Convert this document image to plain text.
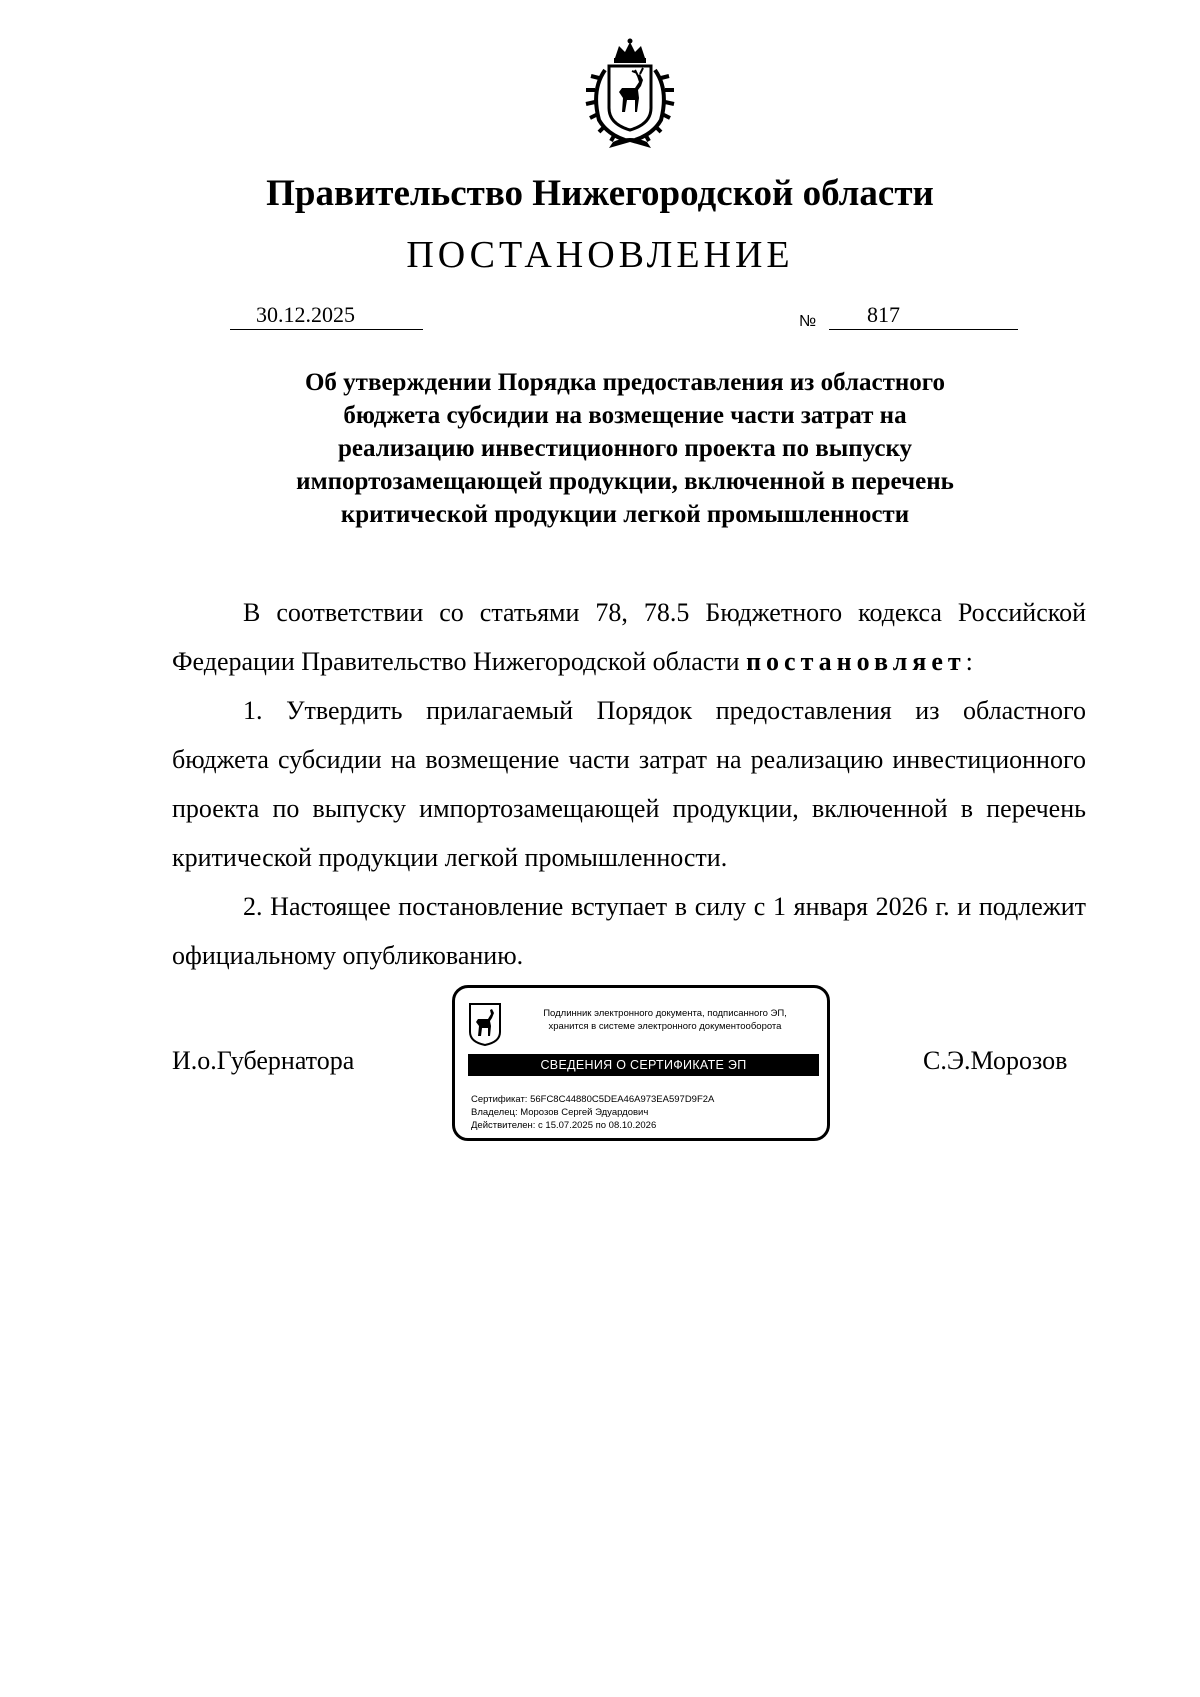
Правительство Нижегородской области
ПОСТАНОВЛЕНИЕ
30.12.2025	№	817
Об утверждении Порядка предоставления из областного
бюджета субсидии на возмещение части затрат на
реализацию инвестиционного проекта по выпуску
импортозамещающей продукции, включенной в перечень
критической продукции легкой промышленности

В соответствии со статьями 78, 78.5 Бюджетного кодекса Российской Федерации Правительство Нижегородской области постановляет:

1. Утвердить прилагаемый Порядок предоставления из областного бюджета субсидии на возмещение части затрат на реализацию инвестиционного проекта по выпуску импортозамещающей продукции, включенной в перечень критической продукции легкой промышленности.

2. Настоящее постановление вступает в силу с 1 января 2026 г. и подлежит официальному опубликованию.

И.о.Губернатора	С.Э.Морозов
Подлинник электронного документа, подписанного ЭП,
хранится в системе электронного документооборота
СВЕДЕНИЯ О СЕРТИФИКАТЕ ЭП
Сертификат: 56FC8C44880C5DEA46A973EA597D9F2A
Владелец: Морозов Сергей Эдуардович
Действителен: с 15.07.2025 по 08.10.2026
